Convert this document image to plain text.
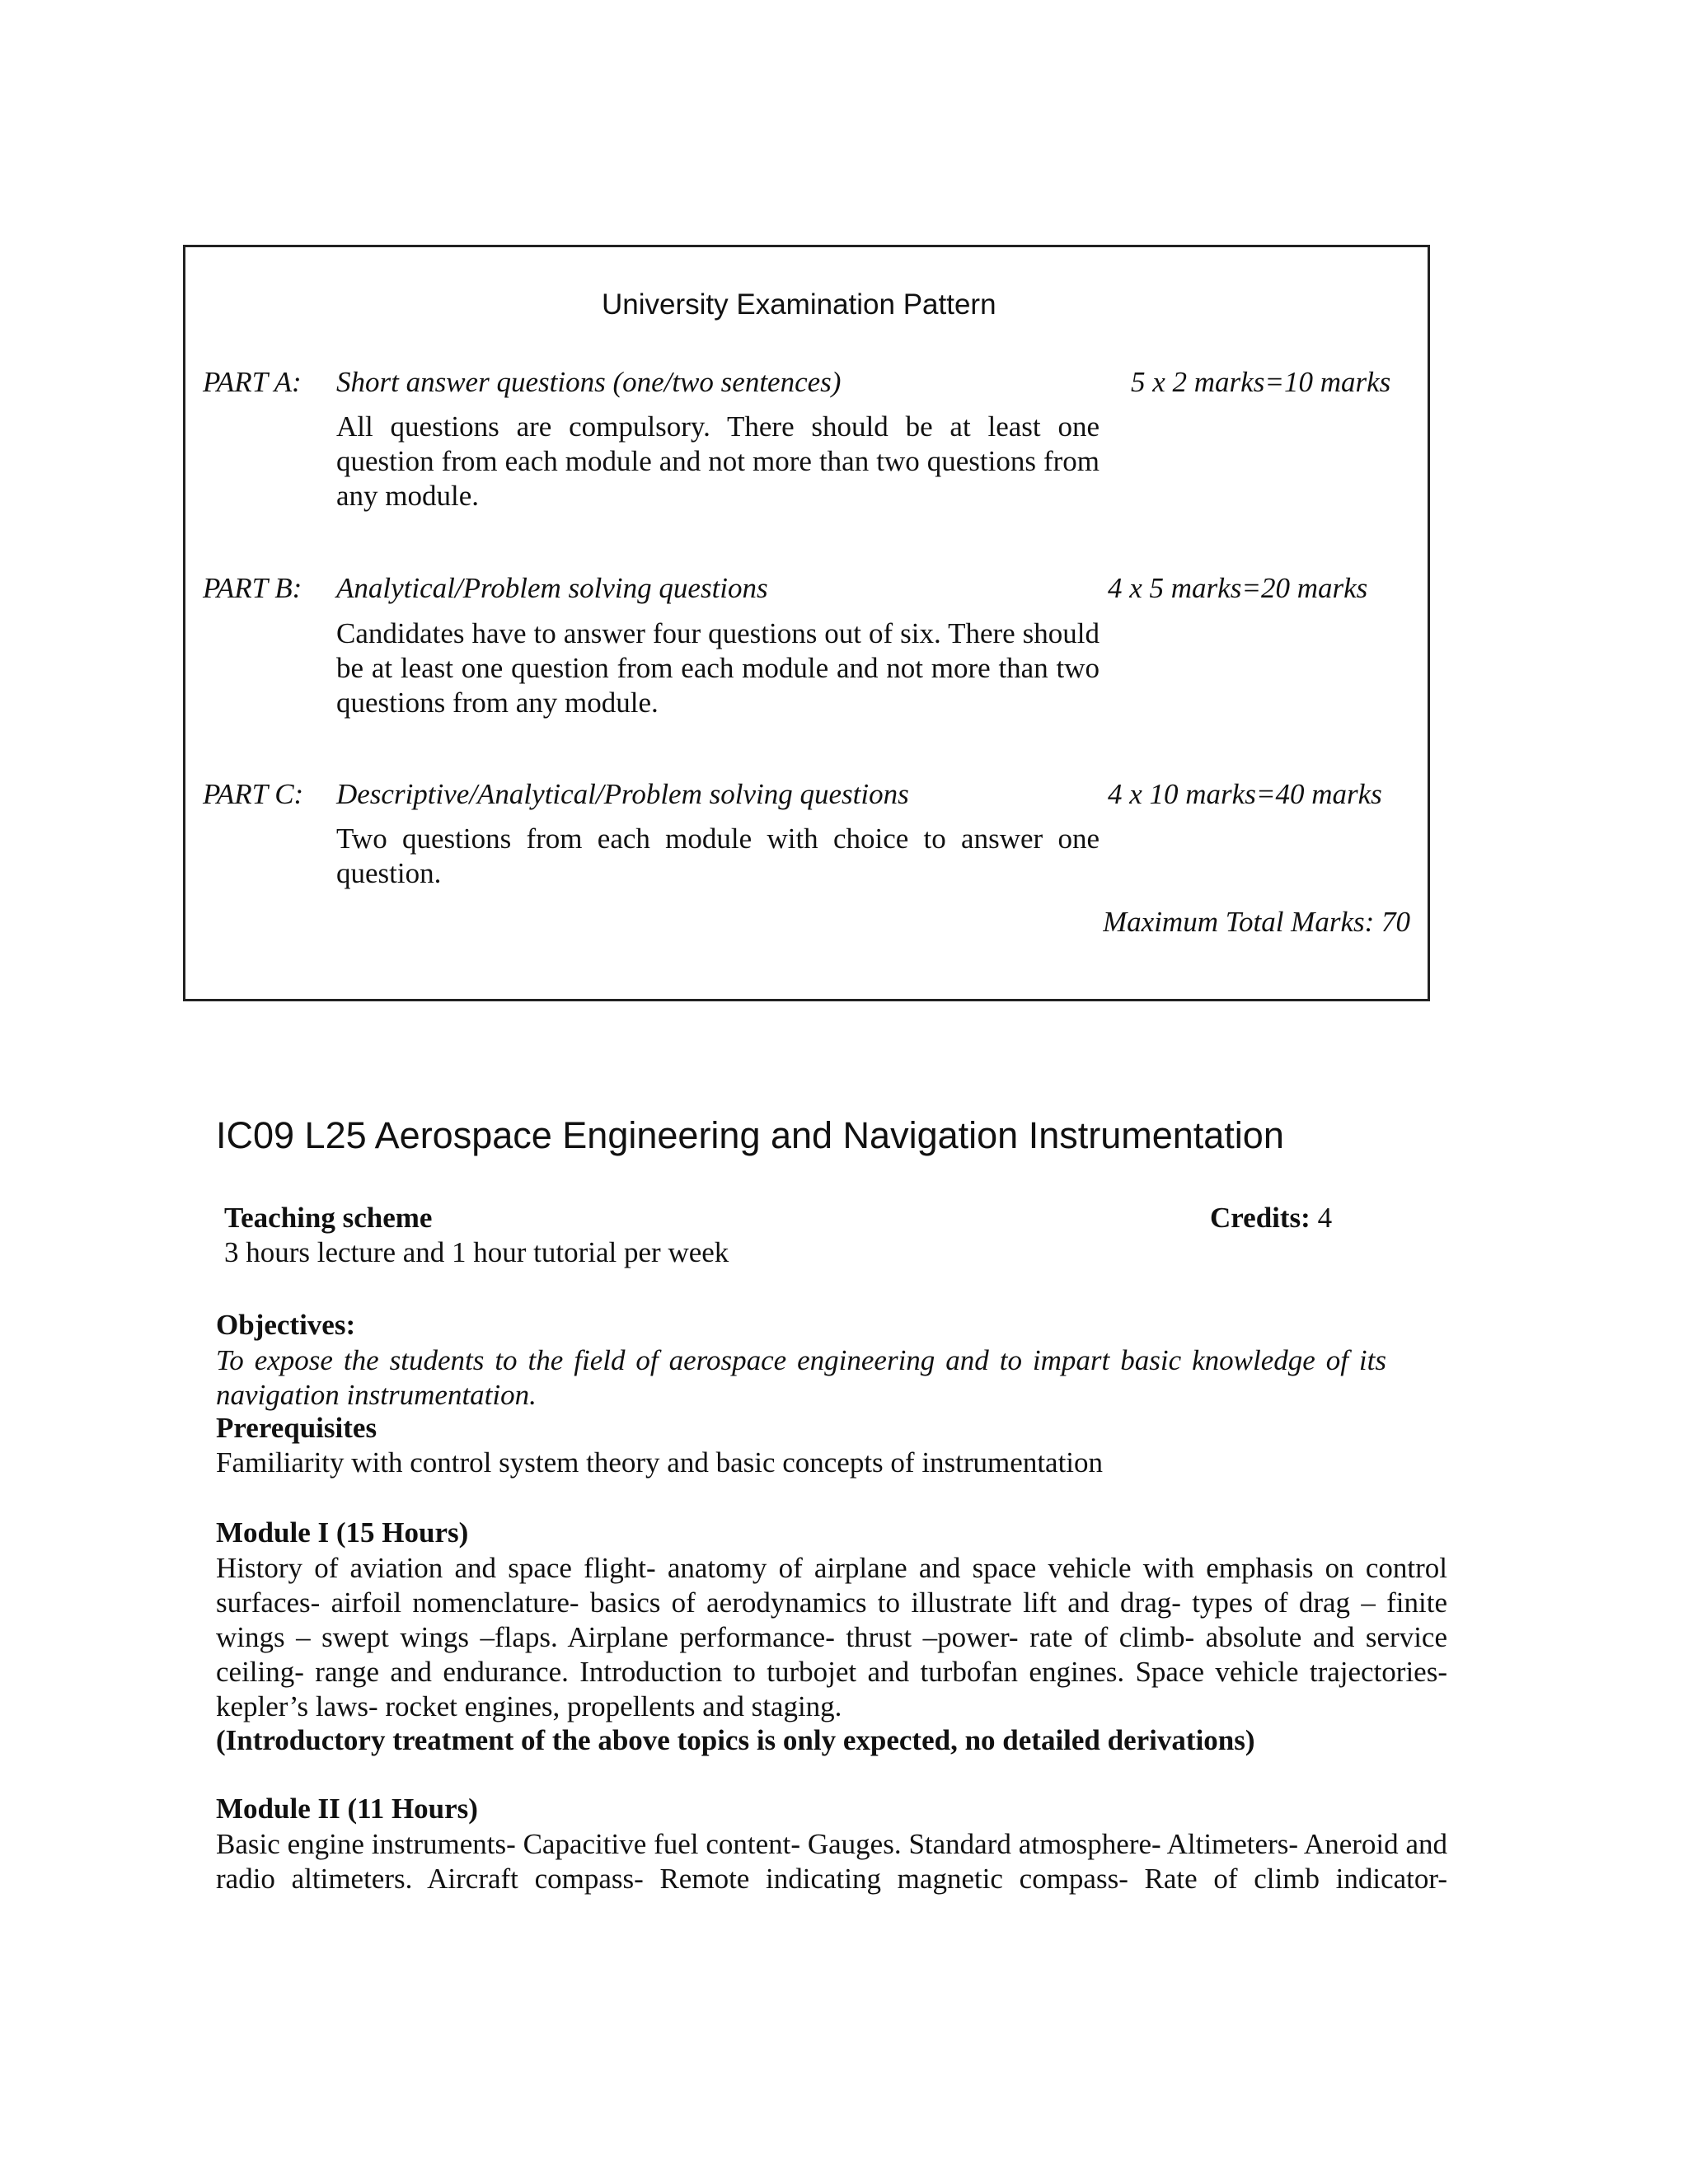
University Examination Pattern
PART A: Short answer questions (one/two sentences)	5 x 2 marks=10 marks
All questions are compulsory. There should be at least one question from each module and not more than two questions from any module.
PART B: Analytical/Problem solving questions	4 x 5 marks=20 marks
Candidates have to answer four questions out of six. There should be at least one question from each module and not more than two questions from any module.
PART C: Descriptive/Analytical/Problem solving questions	4 x 10 marks=40 marks
Two questions from each module with choice to answer one question.
Maximum Total Marks: 70
IC09 L25 Aerospace Engineering and Navigation Instrumentation
Teaching scheme	Credits: 4
3 hours lecture and 1 hour tutorial per week
Objectives:
To expose the students to the field of aerospace engineering and to impart basic knowledge of its navigation instrumentation.
Prerequisites
Familiarity with control system theory and basic concepts of instrumentation
Module I (15 Hours)
History of aviation and space flight- anatomy of airplane and space vehicle with emphasis on control surfaces- airfoil nomenclature- basics of aerodynamics to illustrate lift and drag- types of drag – finite wings – swept wings –flaps. Airplane performance- thrust –power- rate of climb- absolute and service ceiling- range and endurance. Introduction to turbojet and turbofan engines. Space vehicle trajectories- kepler’s laws- rocket engines, propellents and staging.
(Introductory treatment of the above topics is only expected, no detailed derivations)
Module II (11 Hours)
Basic engine instruments- Capacitive fuel content- Gauges. Standard atmosphere- Altimeters- Aneroid and radio altimeters. Aircraft compass- Remote indicating magnetic compass- Rate of climb indicator-
